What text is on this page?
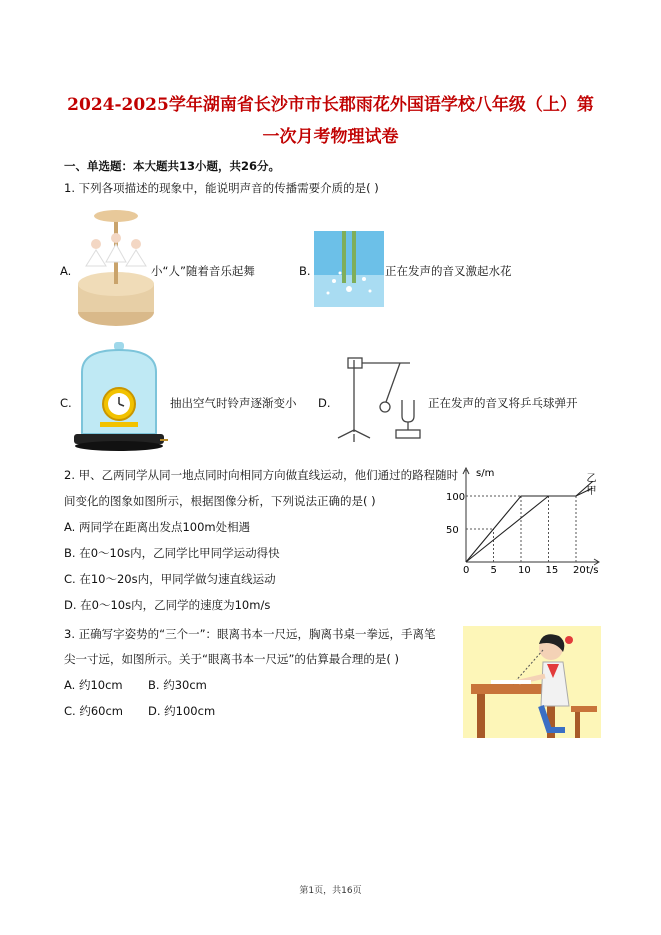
2024-2025学年湖南省长沙市市长郡雨花外国语学校八年级（上）第
一次月考物理试卷
一、单选题：本大题共13小题，共26分。
1. 下列各项描述的现象中，能说明声音的传播需要介质的是( )
A.	小“人”随着音乐起舞	B.	正在发声的音叉激起水花
C.	抽出空气时铃声逐渐变小 D.	正在发声的音叉将乒乓球弹开
2. 甲、乙两同学从同一地点同时向相同方向做直线运动，他们通过的路程随时
间变化的图象如图所示，根据图像分析，下列说法正确的是( )
A. 两同学在距离出发点100m处相遇
B. 在0～10s内，乙同学比甲同学运动得快
C. 在10～20s内，甲同学做匀速直线运动
D. 在0～10s内，乙同学的速度为10m/s
s/m
t/s
0 5 10 15 20
50
100
乙
甲
3. 正确写字姿势的“三个一”：眼离书本一尺远，胸离书桌一拳远，手离笔
尖一寸远，如图所示。关于“眼离书本一尺远”的估算最合理的是( )
A. 约10cm B. 约30cm
C. 约60cm D. 约100cm
第1页，共16页
